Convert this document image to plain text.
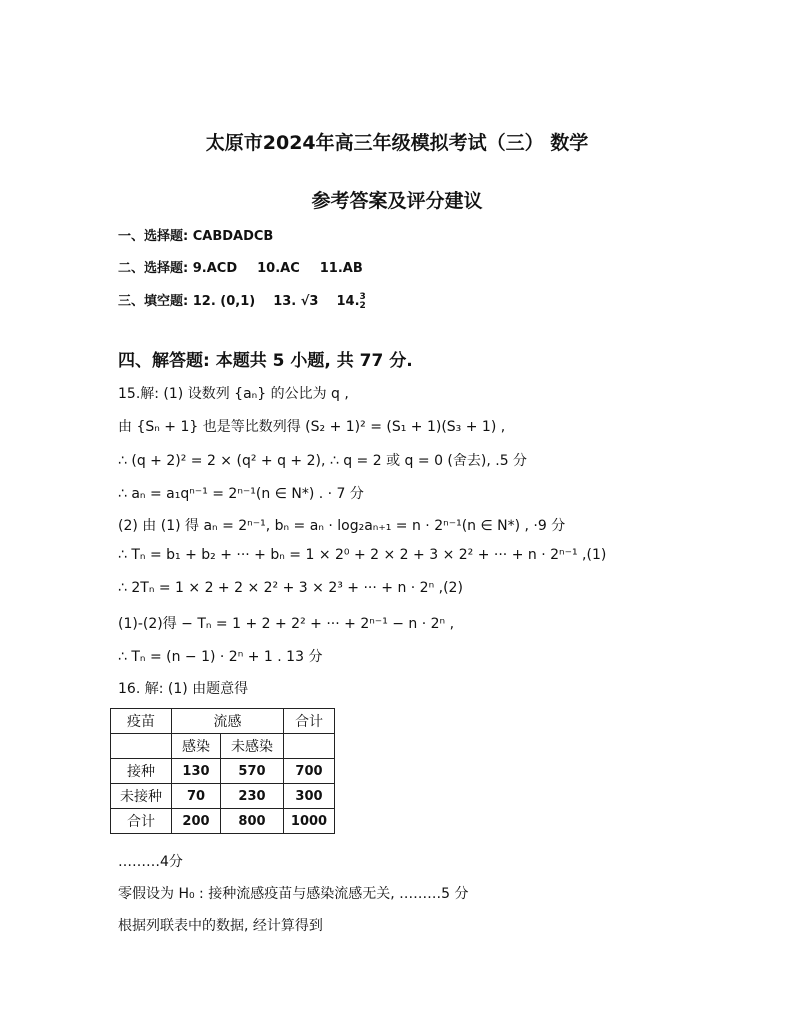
太原市2024年高三年级模拟考试（三） 数学
参考答案及评分建议
一、选择题: CABDADCB
二、选择题: 9.ACD 10.AC 11.AB
三、填空题: 12. (0,1) 13. √3 14.3
2
四、解答题: 本题共 5 小题, 共 77 分.
15.解: (1) 设数列 {aₙ} 的公比为 q ,
由 {Sₙ + 1} 也是等比数列得 (S₂ + 1)² = (S₁ + 1)(S₃ + 1) ,
∴ (q + 2)² = 2 × (q² + q + 2), ∴ q = 2 或 q = 0 (舍去), .5 分
∴ aₙ = a₁qⁿ⁻¹ = 2ⁿ⁻¹(n ∈ N*) . · 7 分
(2) 由 (1) 得 aₙ = 2ⁿ⁻¹, bₙ = aₙ · log₂aₙ₊₁ = n · 2ⁿ⁻¹(n ∈ N*) , ·9 分
∴ Tₙ = b₁ + b₂ + ··· + bₙ = 1 × 2⁰ + 2 × 2 + 3 × 2² + ··· + n · 2ⁿ⁻¹ ,(1)
∴ 2Tₙ = 1 × 2 + 2 × 2² + 3 × 2³ + ··· + n · 2ⁿ ,(2)
(1)-(2)得 − Tₙ = 1 + 2 + 2² + ··· + 2ⁿ⁻¹ − n · 2ⁿ ,
∴ Tₙ = (n − 1) · 2ⁿ + 1 . 13 分
16. 解: (1) 由题意得
疫苗	流感		合计
	感染	未感染	
接种	130	570	700
未接种	70	230	300
合计	200	800	1000
………4分
零假设为 H₀ : 接种流感疫苗与感染流感无关, ………5 分
根据列联表中的数据, 经计算得到
